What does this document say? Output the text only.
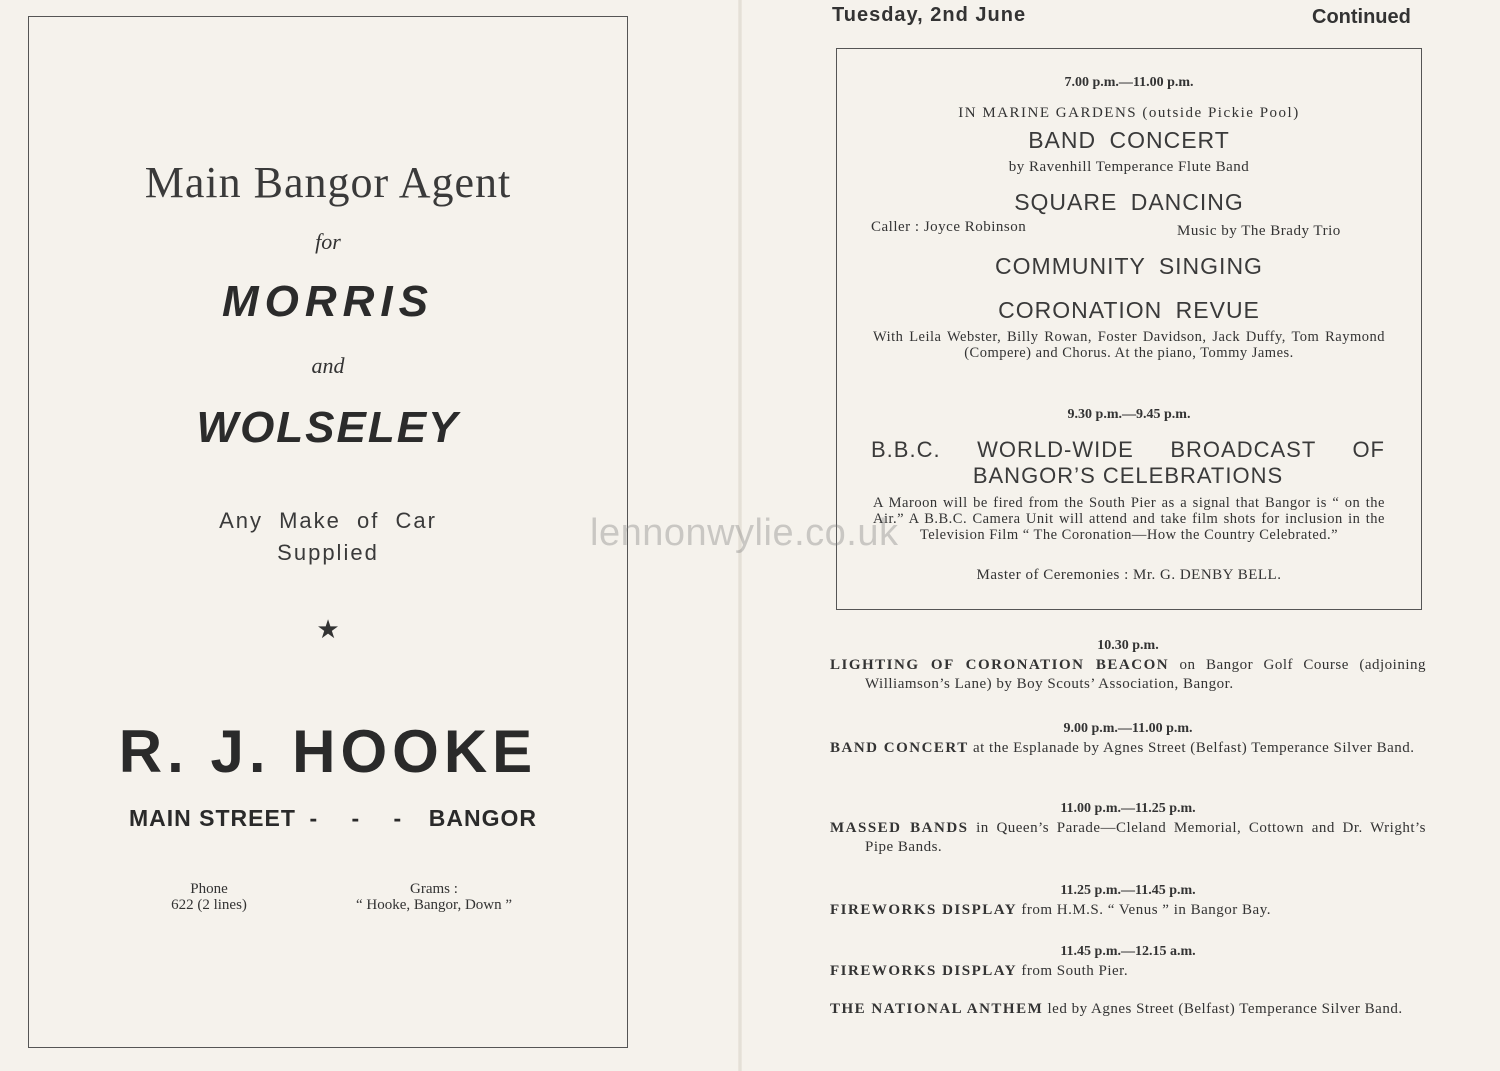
Main Bangor Agent
for
MORRIS
and
WOLSELEY
Any Make of Car
Supplied
★
R. J. HOOKE
MAIN STREET - - - BANGOR
Phone
622 (2 lines)
Grams :
“ Hooke, Bangor, Down ”
Tuesday, 2nd June	Continued
7.00 p.m.—11.00 p.m.
IN MARINE GARDENS (outside Pickie Pool)
BAND CONCERT
by Ravenhill Temperance Flute Band
SQUARE DANCING
Caller : Joyce Robinson	Music by The Brady Trio
COMMUNITY SINGING
CORONATION REVUE
With Leila Webster, Billy Rowan, Foster Davidson, Jack Duffy, Tom Raymond (Compere) and Chorus. At the piano, Tommy James.
9.30 p.m.—9.45 p.m.
B.B.C. WORLD-WIDE BROADCAST OF BANGOR’S CELEBRATIONS
A Maroon will be fired from the South Pier as a signal that Bangor is “ on the Air.” A B.B.C. Camera Unit will attend and take film shots for inclusion in the Television Film “ The Coronation—How the Country Celebrated.”
Master of Ceremonies : Mr. G. DENBY BELL.
10.30 p.m.
LIGHTING OF CORONATION BEACON on Bangor Golf Course (adjoining Williamson’s Lane) by Boy Scouts’ Association, Bangor.
9.00 p.m.—11.00 p.m.
BAND CONCERT at the Esplanade by Agnes Street (Belfast) Temperance Silver Band.
11.00 p.m.—11.25 p.m.
MASSED BANDS in Queen’s Parade—Cleland Memorial, Cottown and Dr. Wright’s Pipe Bands.
11.25 p.m.—11.45 p.m.
FIREWORKS DISPLAY from H.M.S. “ Venus ” in Bangor Bay.
11.45 p.m.—12.15 a.m.
FIREWORKS DISPLAY from South Pier.
THE NATIONAL ANTHEM led by Agnes Street (Belfast) Temperance Silver Band.
lennonwylie.co.uk
